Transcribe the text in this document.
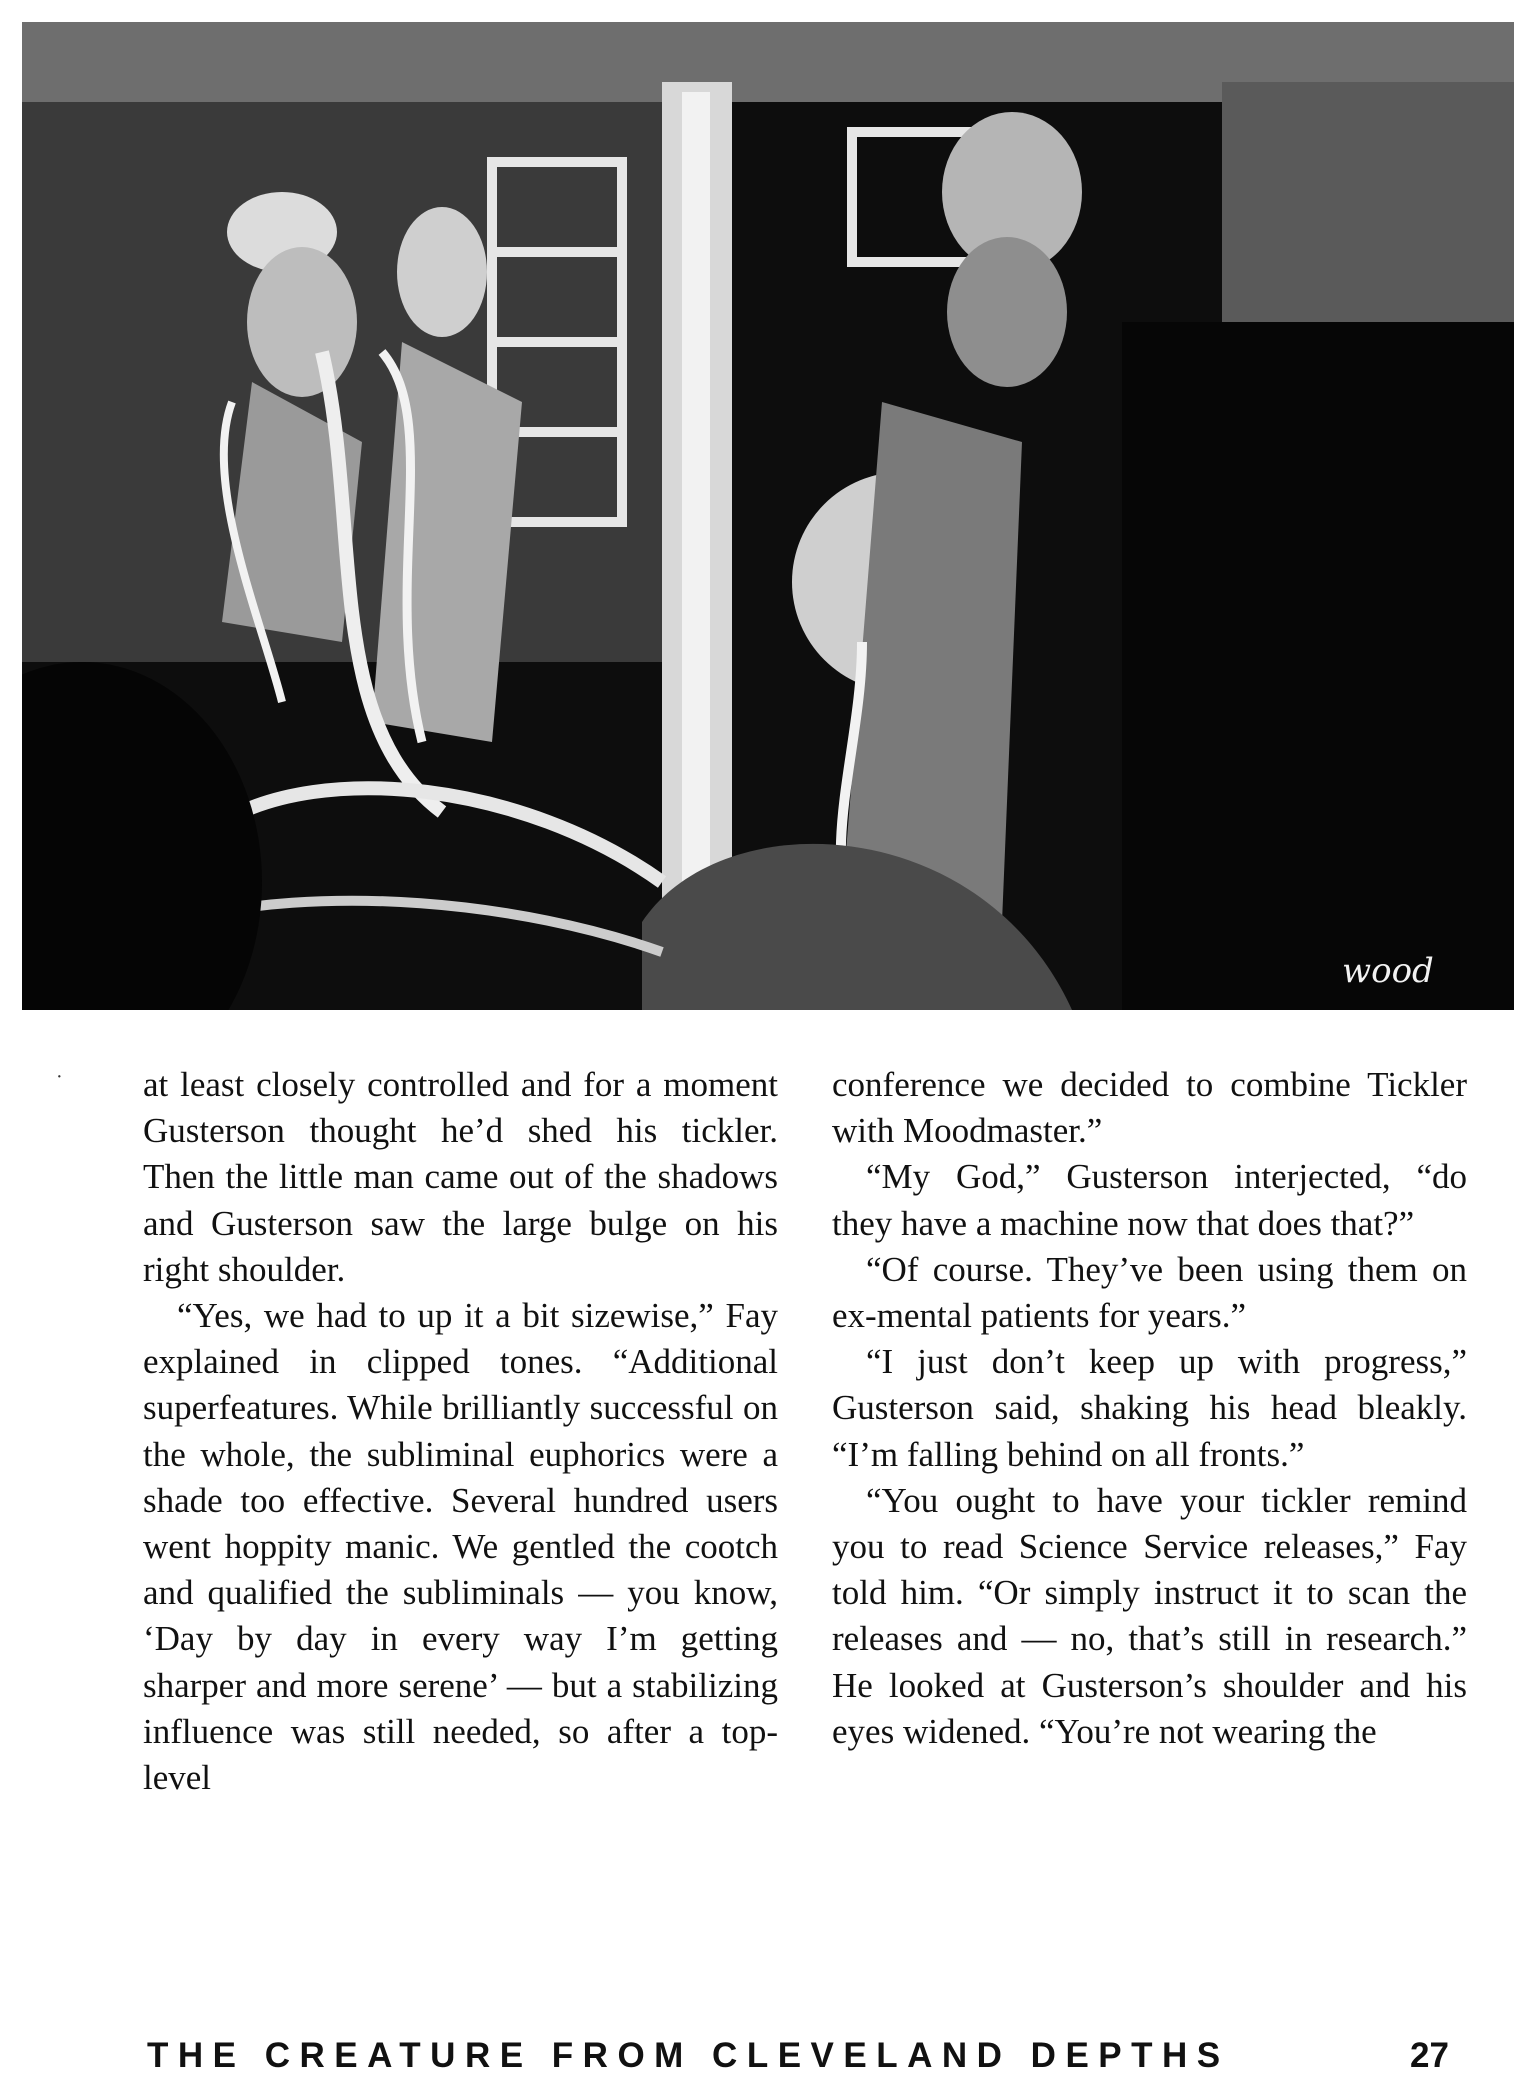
wood
· at least closely controlled and for a moment Gusterson thought he’d shed his tickler. Then the little man came out of the shadows and Gusterson saw the large bulge on his right shoulder.

“Yes, we had to up it a bit sizewise,” Fay explained in clipped tones. “Additional superfeatures. While brilliantly successful on the whole, the subliminal euphorics were a shade too effective. Several hundred users went hoppity manic. We gentled the cootch and qualified the subliminals — you know, ‘Day by day in every way I’m getting sharper and more serene’ — but a stabilizing influence was still needed, so after a top-level

conference we decided to combine Tickler with Moodmaster.”

“My God,” Gusterson interjected, “do they have a machine now that does that?”

“Of course. They’ve been using them on ex-mental patients for years.”

“I just don’t keep up with progress,” Gusterson said, shaking his head bleakly. “I’m falling behind on all fronts.”

“You ought to have your tickler remind you to read Science Service releases,” Fay told him. “Or simply instruct it to scan the releases and — no, that’s still in research.” He looked at Gusterson’s shoulder and his eyes widened. “You’re not wearing the

THE CREATURE FROM CLEVELAND DEPTHS	27
